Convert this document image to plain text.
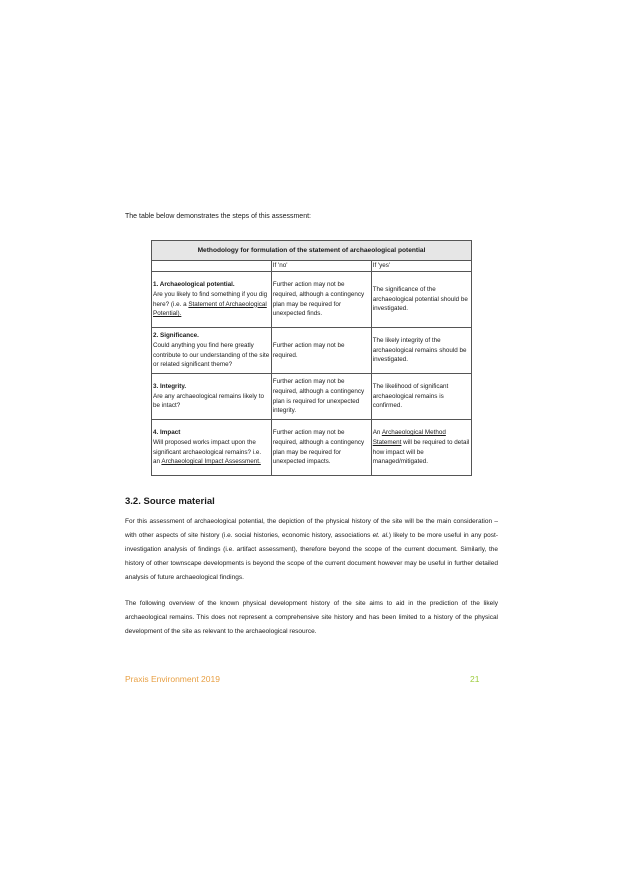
The table below demonstrates the steps of this assessment:
Methodology for formulation of the statement of archaeological potential		
	If 'no'	If 'yes'

1. Archaeological potential.
Are you likely to find something if you dig here? (i.e. a Statement of Archaeological Potential).	Further action may not be required, although a contingency plan may be required for unexpected finds.	The significance of the archaeological potential should be investigated.

2. Significance.
Could anything you find here greatly contribute to our understanding of the site or related significant theme?	Further action may not be required.	The likely integrity of the archaeological remains should be investigated.

3. Integrity.
Are any archaeological remains likely to be intact?	Further action may not be required, although a contingency plan is required for unexpected integrity.	The likelihood of significant archaeological remains is confirmed.

4. Impact
Will proposed works impact upon the significant archaeological remains? i.e. an Archaeological Impact Assessment.	Further action may not be required, although a contingency plan may be required for unexpected impacts.	An Archaeological Method Statement will be required to detail how impact will be managed/mitigated.
3.2. Source material

For this assessment of archaeological potential, the depiction of the physical history of the site will be the main consideration – with other aspects of site history (i.e. social histories, economic history, associations et. al.) likely to be more useful in any post-investigation analysis of findings (i.e. artifact assessment), therefore beyond the scope of the current document. Similarly, the history of other townscape developments is beyond the scope of the current document however may be useful in further detailed analysis of future archaeological findings.

The following overview of the known physical development history of the site aims to aid in the prediction of the likely archaeological remains. This does not represent a comprehensive site history and has been limited to a history of the physical development of the site as relevant to the archaeological resource.

Praxis Environment 2019	21
